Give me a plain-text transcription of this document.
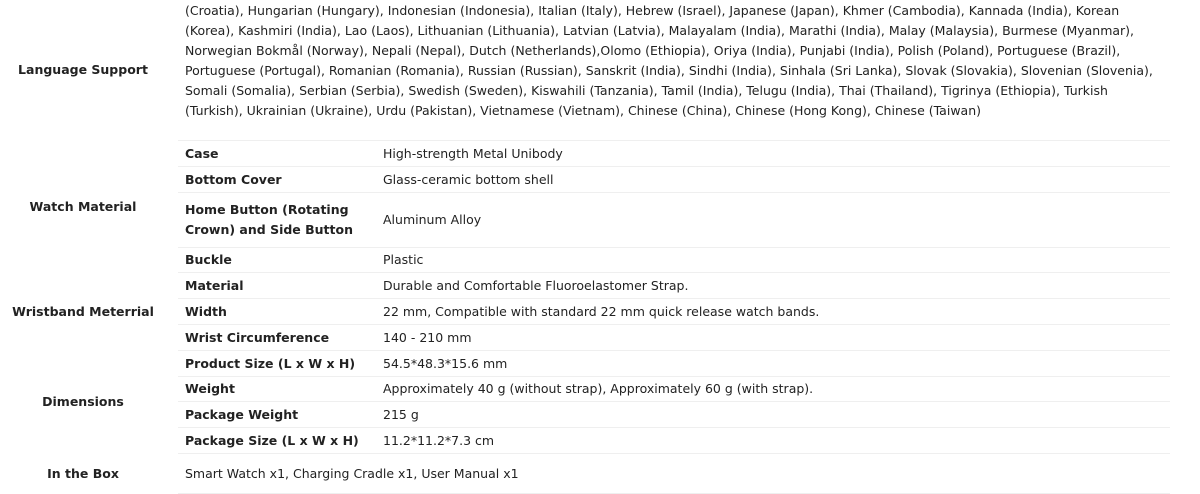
Language Support	(Croatia), Hungarian (Hungary), Indonesian (Indonesia), Italian (Italy), Hebrew (Israel), Japanese (Japan), Khmer (Cambodia), Kannada (India), Korean (Korea), Kashmiri (India), Lao (Laos), Lithuanian (Lithuania), Latvian (Latvia), Malayalam (India), Marathi (India), Malay (Malaysia), Burmese (Myanmar), Norwegian Bokmål (Norway), Nepali (Nepal), Dutch (Netherlands),Olomo (Ethiopia), Oriya (India), Punjabi (India), Polish (Poland), Portuguese (Brazil), Portuguese (Portugal), Romanian (Romania), Russian (Russian), Sanskrit (India), Sindhi (India), Sinhala (Sri Lanka), Slovak (Slovakia), Slovenian (Slovenia), Somali (Somalia), Serbian (Serbia), Swedish (Sweden), Kiswahili (Tanzania), Tamil (India), Telugu (India), Thai (Thailand), Tigrinya (Ethiopia), Turkish (Turkish), Ukrainian (Ukraine), Urdu (Pakistan), Vietnamese (Vietnam), Chinese (China), Chinese (Hong Kong), Chinese (Taiwan)	

Watch Material	Case	High-strength Metal Unibody
	Bottom Cover	Glass-ceramic bottom shell
	Home Button (Rotating Crown) and Side Button	Aluminum Alloy
	Buckle	Plastic
Wristband Meterrial	Material	Durable and Comfortable Fluoroelastomer Strap.
	Width	22 mm, Compatible with standard 22 mm quick release watch bands.
	Wrist Circumference	140 - 210 mm
Dimensions	Product Size (L x W x H)	54.5*48.3*15.6 mm
	Weight	Approximately 40 g (without strap), Approximately 60 g (with strap).
	Package Weight	215 g
	Package Size (L x W x H)	11.2*11.2*7.3 cm
In the Box	Smart Watch x1, Charging Cradle x1, User Manual x1	
